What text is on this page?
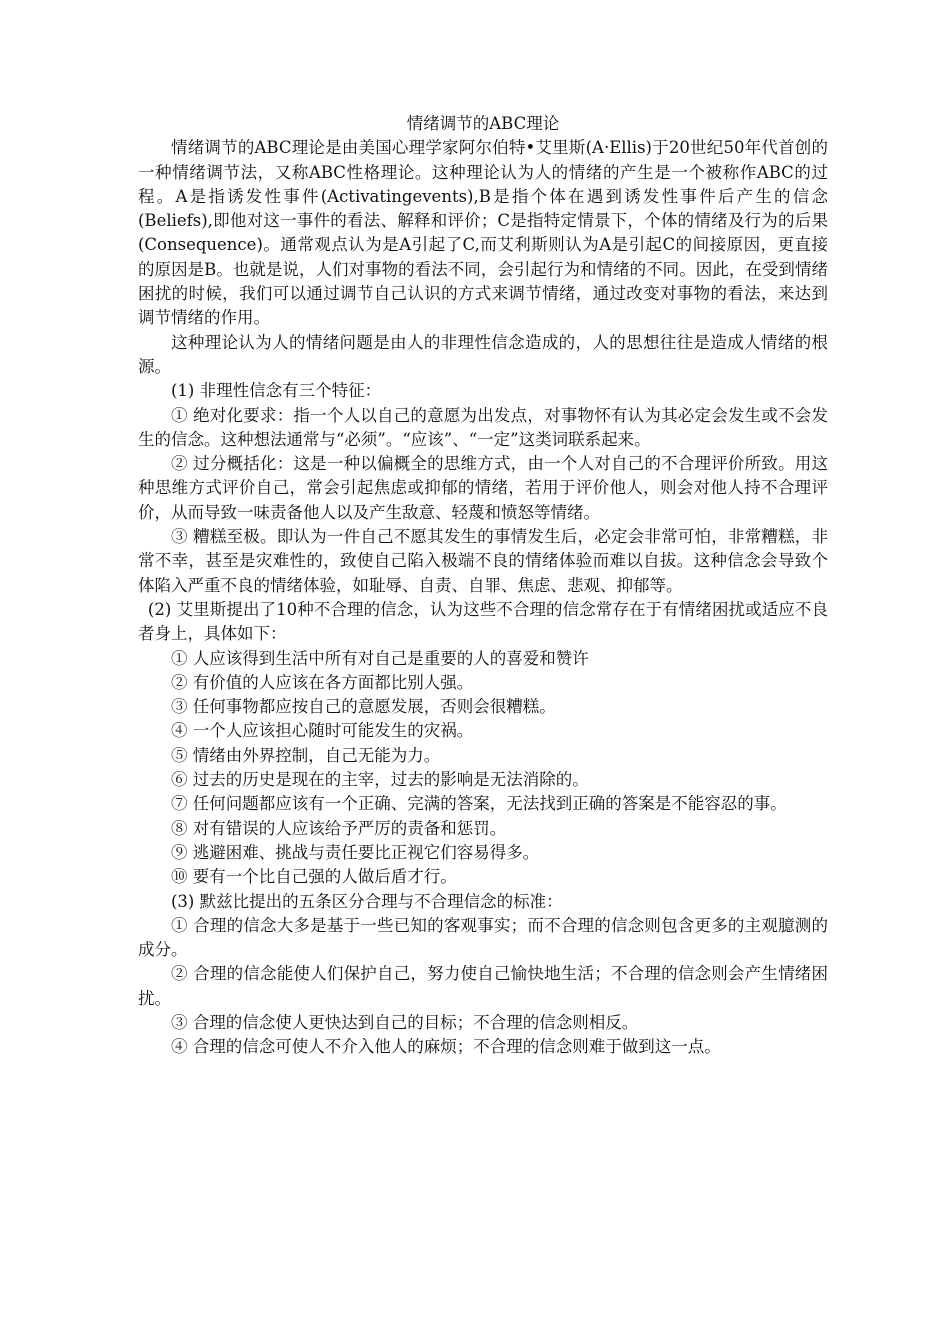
情绪调节的ABC理论

情绪调节的ABC理论是由美国心理学家阿尔伯特•艾里斯(A·Ellis)于20世纪50年代首创的一种情绪调节法，又称ABC性格理论。这种理论认为人的情绪的产生是一个被称作ABC的过程。A是指诱发性事件(Activatingevents),B是指个体在遇到诱发性事件后产生的信念(Beliefs),即他对这一事件的看法、解释和评价；C是指特定情景下，个体的情绪及行为的后果(Consequence)。通常观点认为是A引起了C,而艾利斯则认为A是引起C的间接原因，更直接的原因是B。也就是说，人们对事物的看法不同，会引起行为和情绪的不同。因此，在受到情绪困扰的时候，我们可以通过调节自己认识的方式来调节情绪，通过改变对事物的看法，来达到调节情绪的作用。

这种理论认为人的情绪问题是由人的非理性信念造成的，人的思想往往是造成人情绪的根源。

(1) 非理性信念有三个特征：

① 绝对化要求：指一个人以自己的意愿为出发点，对事物怀有认为其必定会发生或不会发生的信念。这种想法通常与“必须”。“应该”、“一定”这类词联系起来。

② 过分概括化：这是一种以偏概全的思维方式，由一个人对自己的不合理评价所致。用这种思维方式评价自己，常会引起焦虑或抑郁的情绪，若用于评价他人，则会对他人持不合理评价，从而导致一味责备他人以及产生敌意、轻蔑和愤怒等情绪。

③ 糟糕至极。即认为一件自己不愿其发生的事情发生后，必定会非常可怕，非常糟糕，非常不幸，甚至是灾难性的，致使自己陷入极端不良的情绪体验而难以自拔。这种信念会导致个体陷入严重不良的情绪体验，如耻辱、自责、自罪、焦虑、悲观、抑郁等。

(2) 艾里斯提出了10种不合理的信念，认为这些不合理的信念常存在于有情绪困扰或适应不良者身上，具体如下：

① 人应该得到生活中所有对自己是重要的人的喜爱和赞许

② 有价值的人应该在各方面都比别人强。

③ 任何事物都应按自己的意愿发展，否则会很糟糕。

④ 一个人应该担心随时可能发生的灾祸。

⑤ 情绪由外界控制，自己无能为力。

⑥ 过去的历史是现在的主宰，过去的影响是无法消除的。

⑦ 任何问题都应该有一个正确、完满的答案，无法找到正确的答案是不能容忍的事。

⑧ 对有错误的人应该给予严厉的责备和惩罚。

⑨ 逃避困难、挑战与责任要比正视它们容易得多。

⑩ 要有一个比自己强的人做后盾才行。

(3) 默兹比提出的五条区分合理与不合理信念的标准：

① 合理的信念大多是基于一些已知的客观事实；而不合理的信念则包含更多的主观臆测的成分。

② 合理的信念能使人们保护自己，努力使自己愉快地生活；不合理的信念则会产生情绪困扰。

③ 合理的信念使人更快达到自己的目标；不合理的信念则相反。

④ 合理的信念可使人不介入他人的麻烦；不合理的信念则难于做到这一点。
